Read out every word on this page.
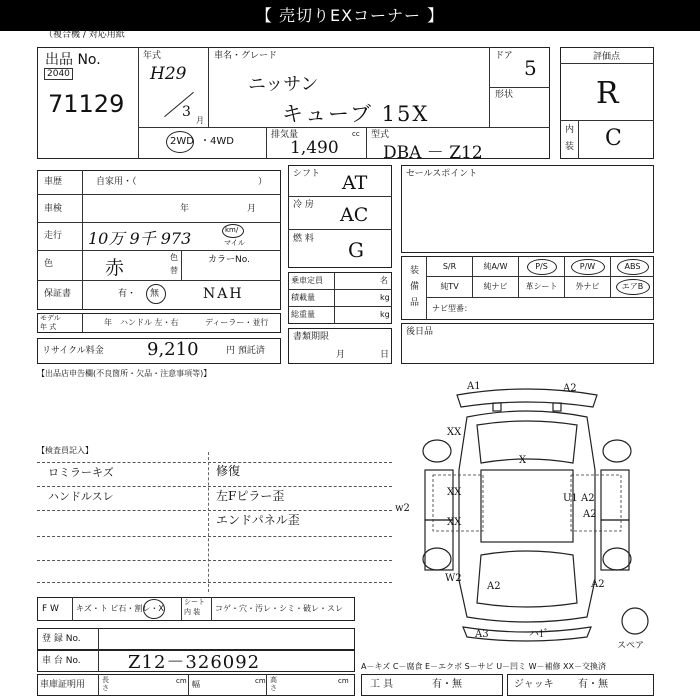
【 売切りEXコーナー 】
（複合機 / 対応用紙
出品 No.
2040
71129
年式
H29
3
月
車名・グレード
ニッサン
キューブ 15X
ドア 5
形状
2WD ・4WD
排気量	cc
1,490
型式
DBA － Z12
評価点
R
内
装 C
車歴	自家用・（	）
車検	年	月
走行 10万 9千 973	km/
マイル
色	赤	色
替
カラーNo.
保証書	有・ 無	NAH
モデル
年 式	年 ハンドル 左・右	ディーラー・並行
リサイクル料金 9,210	円 預託済
シフト AT
冷 房 AC
燃 料 G
乗車定員	名
積載量	kg
総重量	kg
書類期限
月	日
セールスポイント
装
備
品
S/R	純A/W	P/S	P/W	ABS
純TV	純ナビ	革シート	外ナビ	エアB
ナビ型番：
後日品
【出品店申告欄(不良箇所・欠品・注意事項等)】
【検査員記入】
ロミラーキズ
ハンドルスレ
修復
左Fピラー歪
エンドパネル歪
F W キズ・ト ビ石・割レ・X
シート
内 装 コゲ・穴・汚レ・シミ・破レ・スレ
登 録 No.
車 台 No.	Z12－326092
車庫証明用 長さ
cm 幅	cm 高さ
cm
A－キズ C－腐食 E－エクボ S－サビ U－凹ミ W－補修 XX－交換済
工 具	有・無	ジャッキ 有・無
A1	A2
XX
X
XX
XX
U1 A2
A2
w2
W2
A2	A2
A3	ハ1ﾞ
スペア
